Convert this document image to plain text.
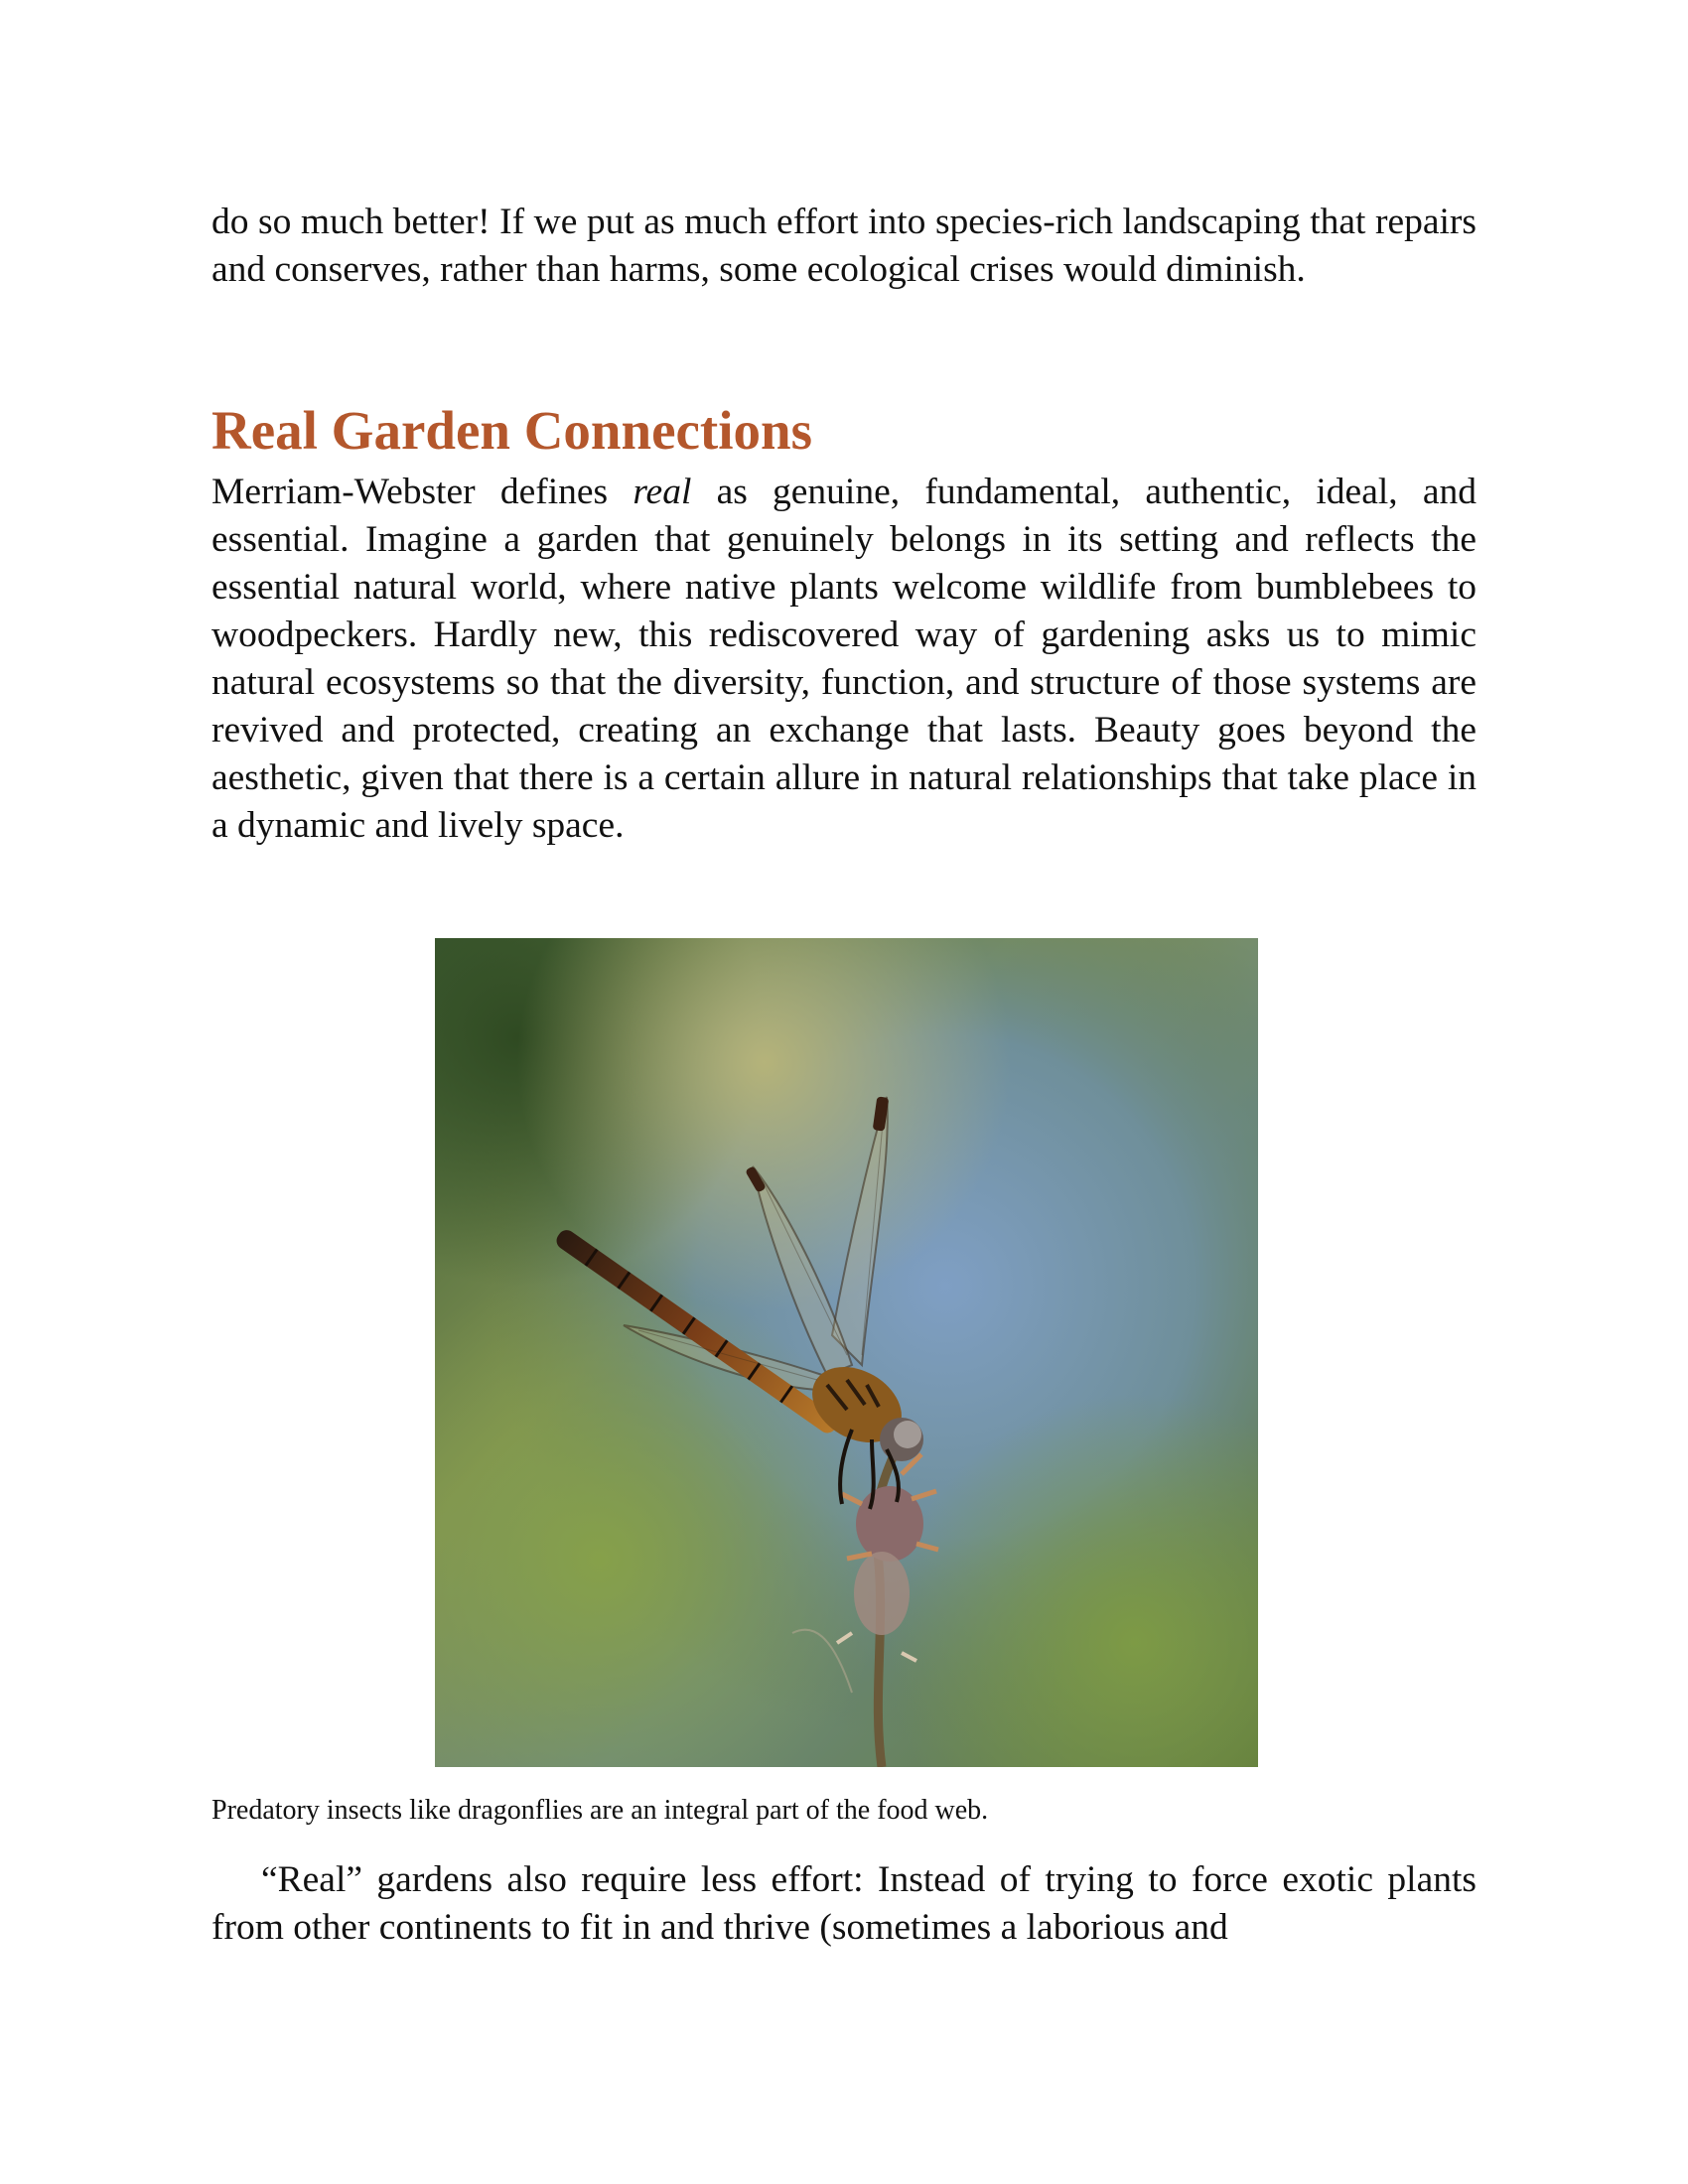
do so much better! If we put as much effort into species-rich landscaping that repairs and conserves, rather than harms, some ecological crises would diminish.

Real Garden Connections

Merriam-Webster defines real as genuine, fundamental, authentic, ideal, and essential. Imagine a garden that genuinely belongs in its setting and reflects the essential natural world, where native plants welcome wildlife from bumblebees to woodpeckers. Hardly new, this rediscovered way of gardening asks us to mimic natural ecosystems so that the diversity, function, and structure of those systems are revived and protected, creating an exchange that lasts. Beauty goes beyond the aesthetic, given that there is a certain allure in natural relationships that take place in a dynamic and lively space.

Predatory insects like dragonflies are an integral part of the food web.

“Real” gardens also require less effort: Instead of trying to force exotic plants from other continents to fit in and thrive (sometimes a laborious and
